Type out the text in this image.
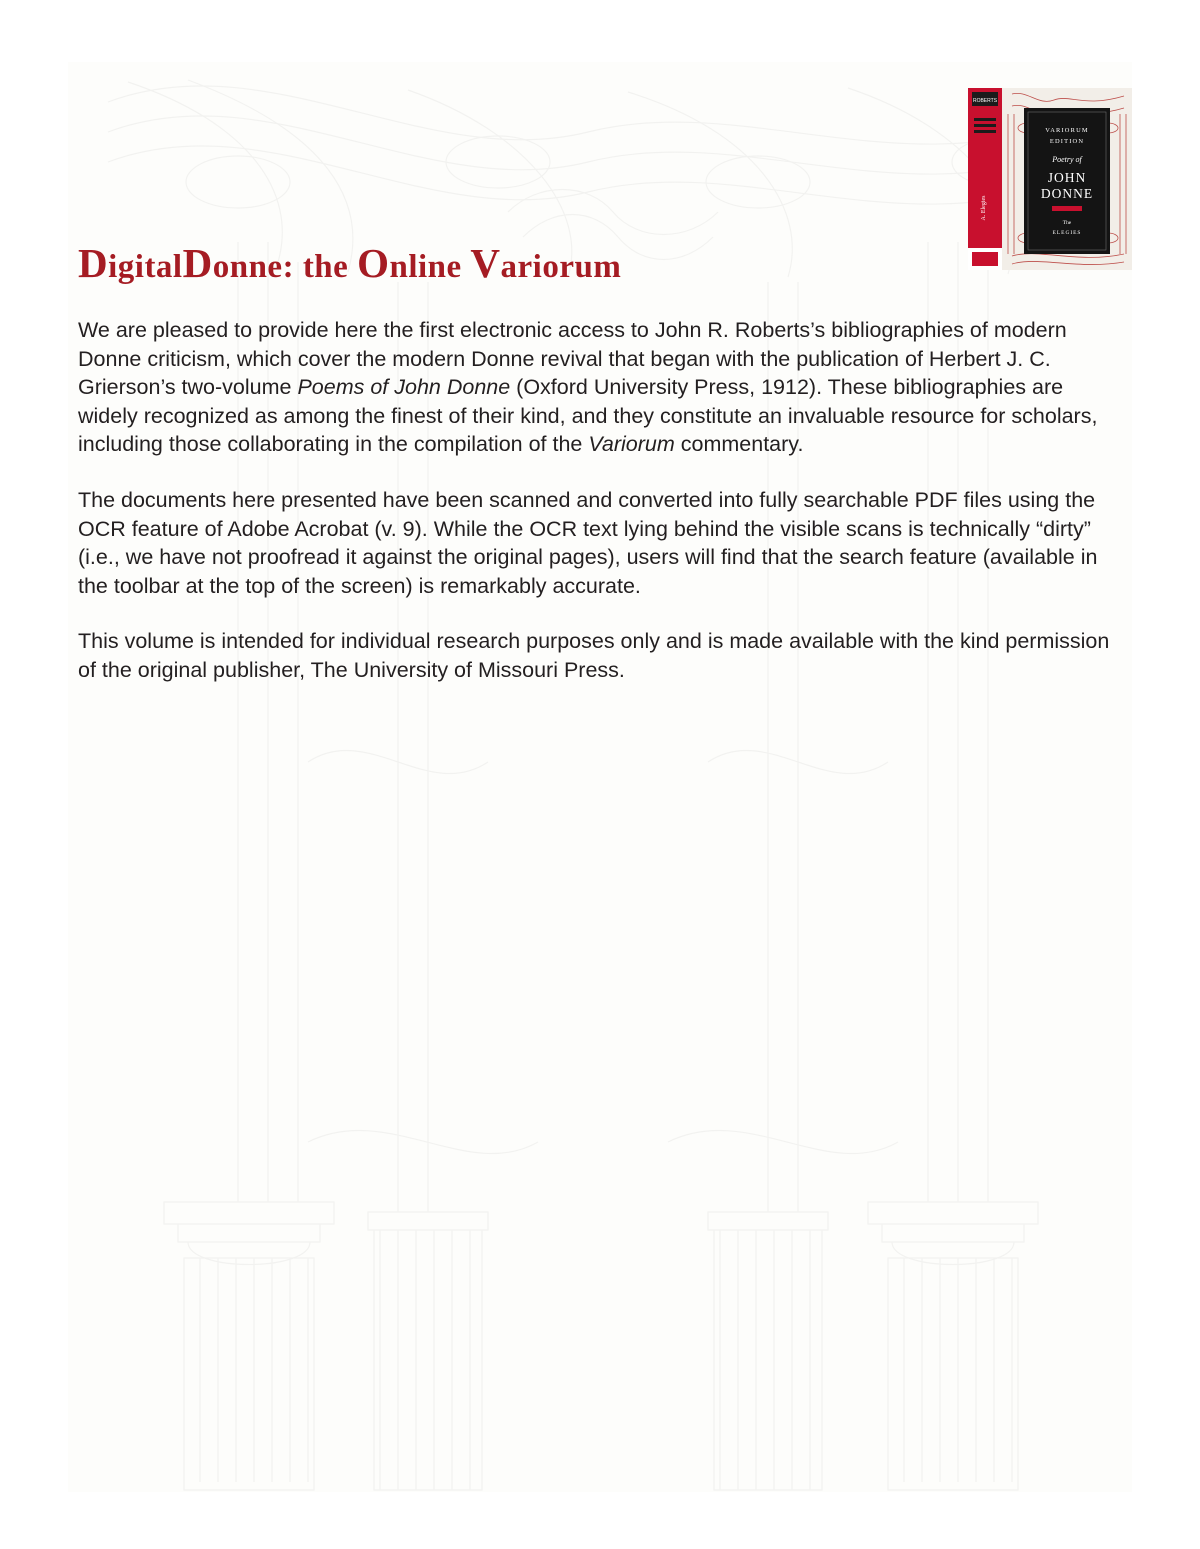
ROBERTS
A. Elegies
VARIORUM
EDITION
Poetry of
JOHN
DONNE
The
ELEGIES
DigitalDonne: the Online Variorum

We are pleased to provide here the first electronic access to John R. Roberts’s bibliographies of modern Donne criticism, which cover the modern Donne revival that began with the publication of Herbert J. C. Grierson’s two-volume Poems of John Donne (Oxford University Press, 1912). These bibliographies are widely recognized as among the finest of their kind, and they constitute an invaluable resource for scholars, including those collaborating in the compilation of the Variorum commentary.

The documents here presented have been scanned and converted into fully searchable PDF files using the OCR feature of Adobe Acrobat (v. 9). While the OCR text lying behind the visible scans is technically “dirty” (i.e., we have not proofread it against the original pages), users will find that the search feature (available in the toolbar at the top of the screen) is remarkably accurate.

This volume is intended for individual research purposes only and is made available with the kind permission of the original publisher, The University of Missouri Press.
